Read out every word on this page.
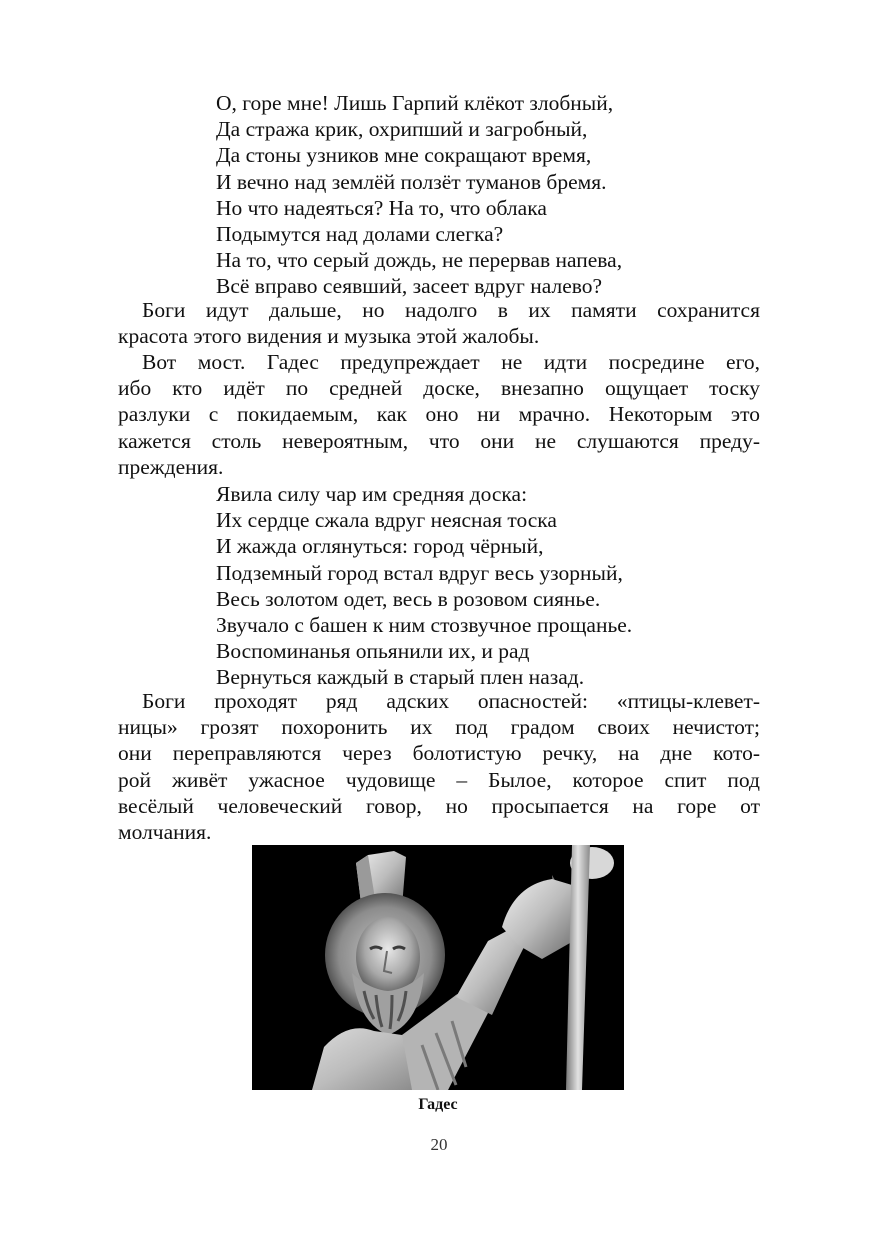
О, горе мне! Лишь Гарпий клёкот злобный,
Да стража крик, охрипший и загробный,
Да стоны узников мне сокращают время,
И вечно над землёй ползёт туманов бремя.
Но что надеяться? На то, что облака
Подымутся над долами слегка?
На то, что серый дождь, не перервав напева,
Всё вправо сеявший, засеет вдруг налево?
Боги идут дальше, но надолго в их памяти сохранится
красота этого видения и музыка этой жалобы.
Вот мост. Гадес предупреждает не идти посредине его,
ибо кто идёт по средней доске, внезапно ощущает тоску
разлуки с покидаемым, как оно ни мрачно. Некоторым это
кажется столь невероятным, что они не слушаются преду-
преждения.
Явила силу чар им средняя доска:
Их сердце сжала вдруг неясная тоска
И жажда оглянуться: город чёрный,
Подземный город встал вдруг весь узорный,
Весь золотом одет, весь в розовом сиянье.
Звучало с башен к ним стозвучное прощанье.
Воспоминанья опьянили их, и рад
Вернуться каждый в старый плен назад.
Боги проходят ряд адских опасностей: «птицы-клевет-
ницы» грозят похоронить их под градом своих нечистот;
они переправляются через болотистую речку, на дне кото-
рой живёт ужасное чудовище – Былое, которое спит под
весёлый человеческий говор, но просыпается на горе от
молчания.
Гадес
20
